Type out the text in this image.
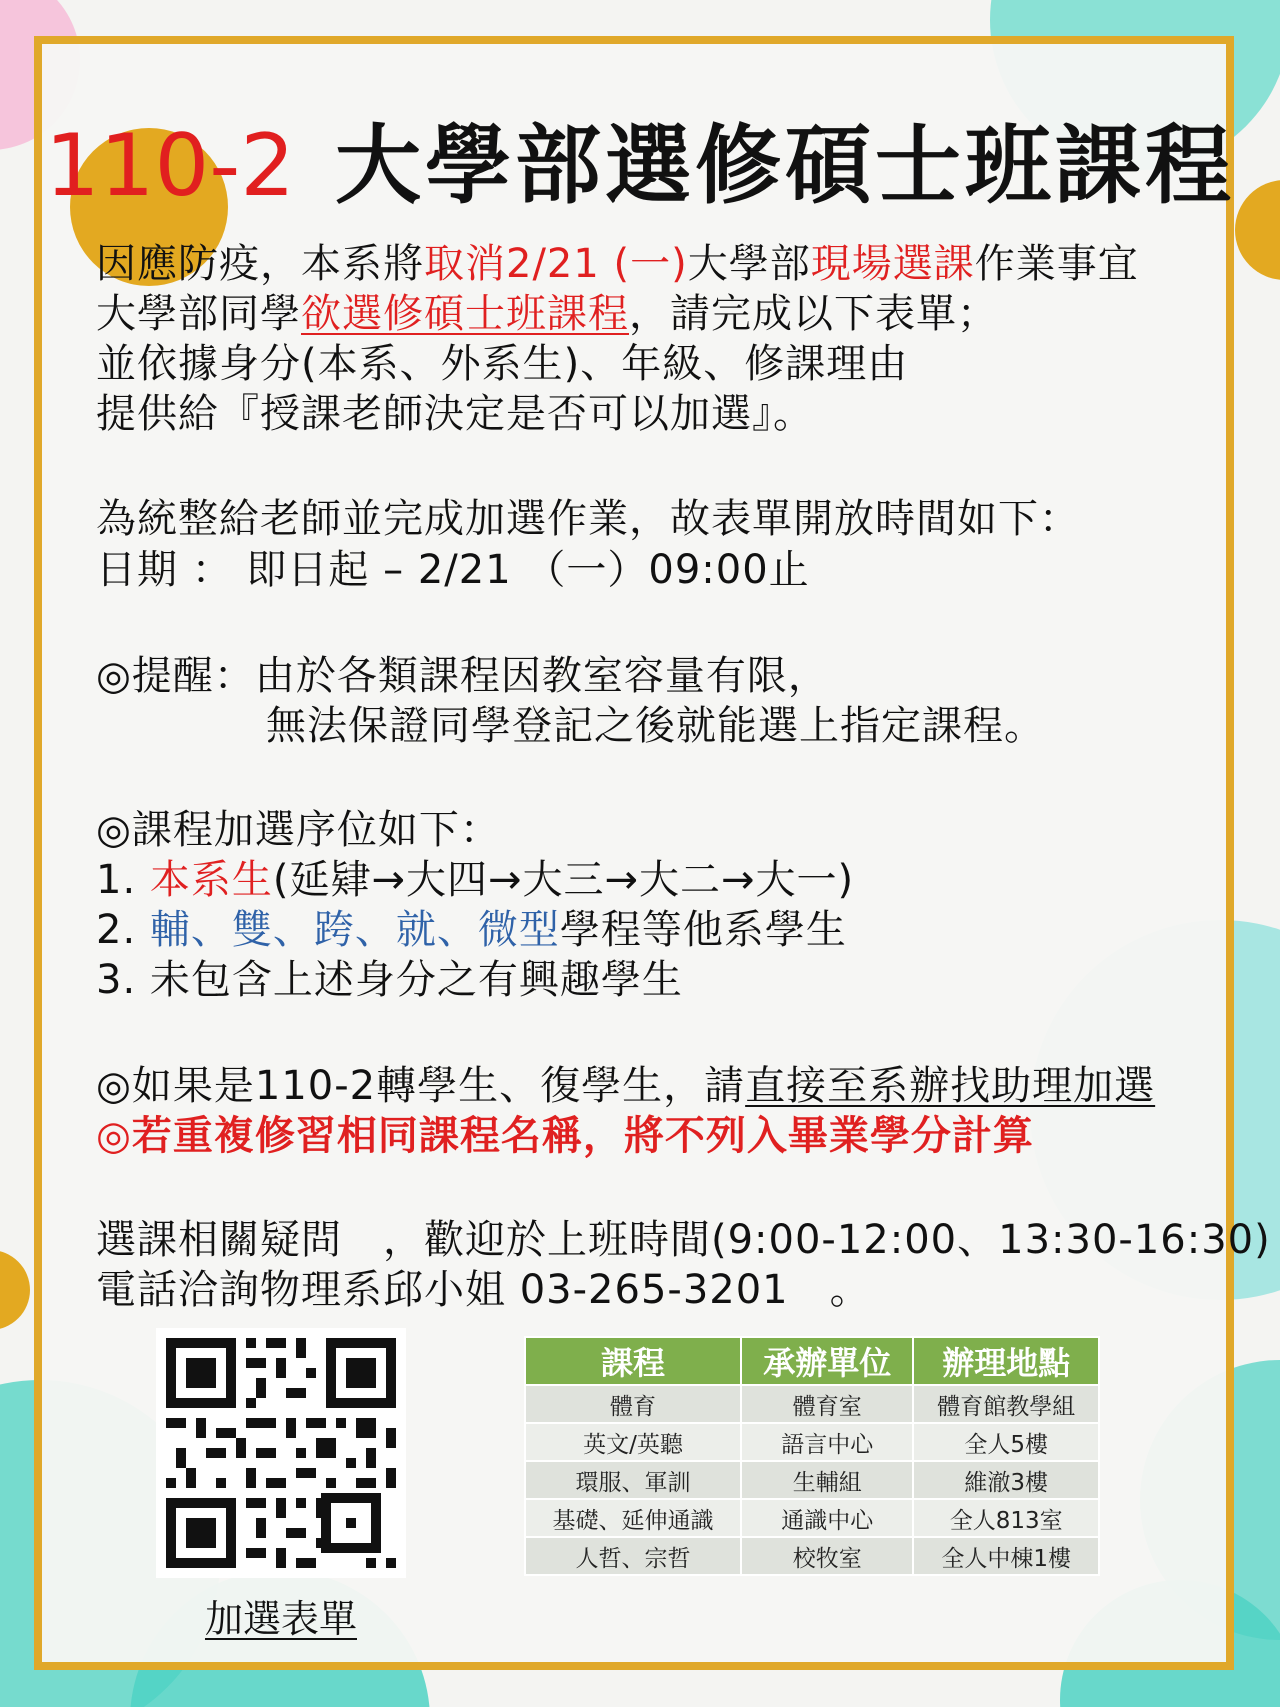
110-2 大學部選修碩士班課程
因應防疫，本系將取消2/21 (一)大學部現場選課作業事宜
大學部同學欲選修碩士班課程，請完成以下表單；
並依據身分(本系、外系生)、年級、修課理由
提供給『授課老師決定是否可以加選』。
為統整給老師並完成加選作業，故表單開放時間如下：
日期 ： 即日起 – 2/21 （一）09:00止
◎提醒：由於各類課程因教室容量有限，
無法保證同學登記之後就能選上指定課程。
◎課程加選序位如下：
1. 本系生(延肄→大四→大三→大二→大一)
2. 輔、雙、跨、就、微型學程等他系學生
3. 未包含上述身分之有興趣學生
◎如果是110-2轉學生、復學生，請直接至系辦找助理加選
◎若重複修習相同課程名稱，將不列入畢業學分計算
選課相關疑問　，歡迎於上班時間(9:00-12:00、13:30-16:30)
電話洽詢物理系邱小姐 03-265-3201　。
加選表單
課程	承辦單位	辦理地點
體育	體育室	體育館教學組
英文/英聽	語言中心	全人5樓
環服、軍訓	生輔組	維澈3樓
基礎、延伸通識	通識中心	全人813室
人哲、宗哲	校牧室	全人中棟1樓
